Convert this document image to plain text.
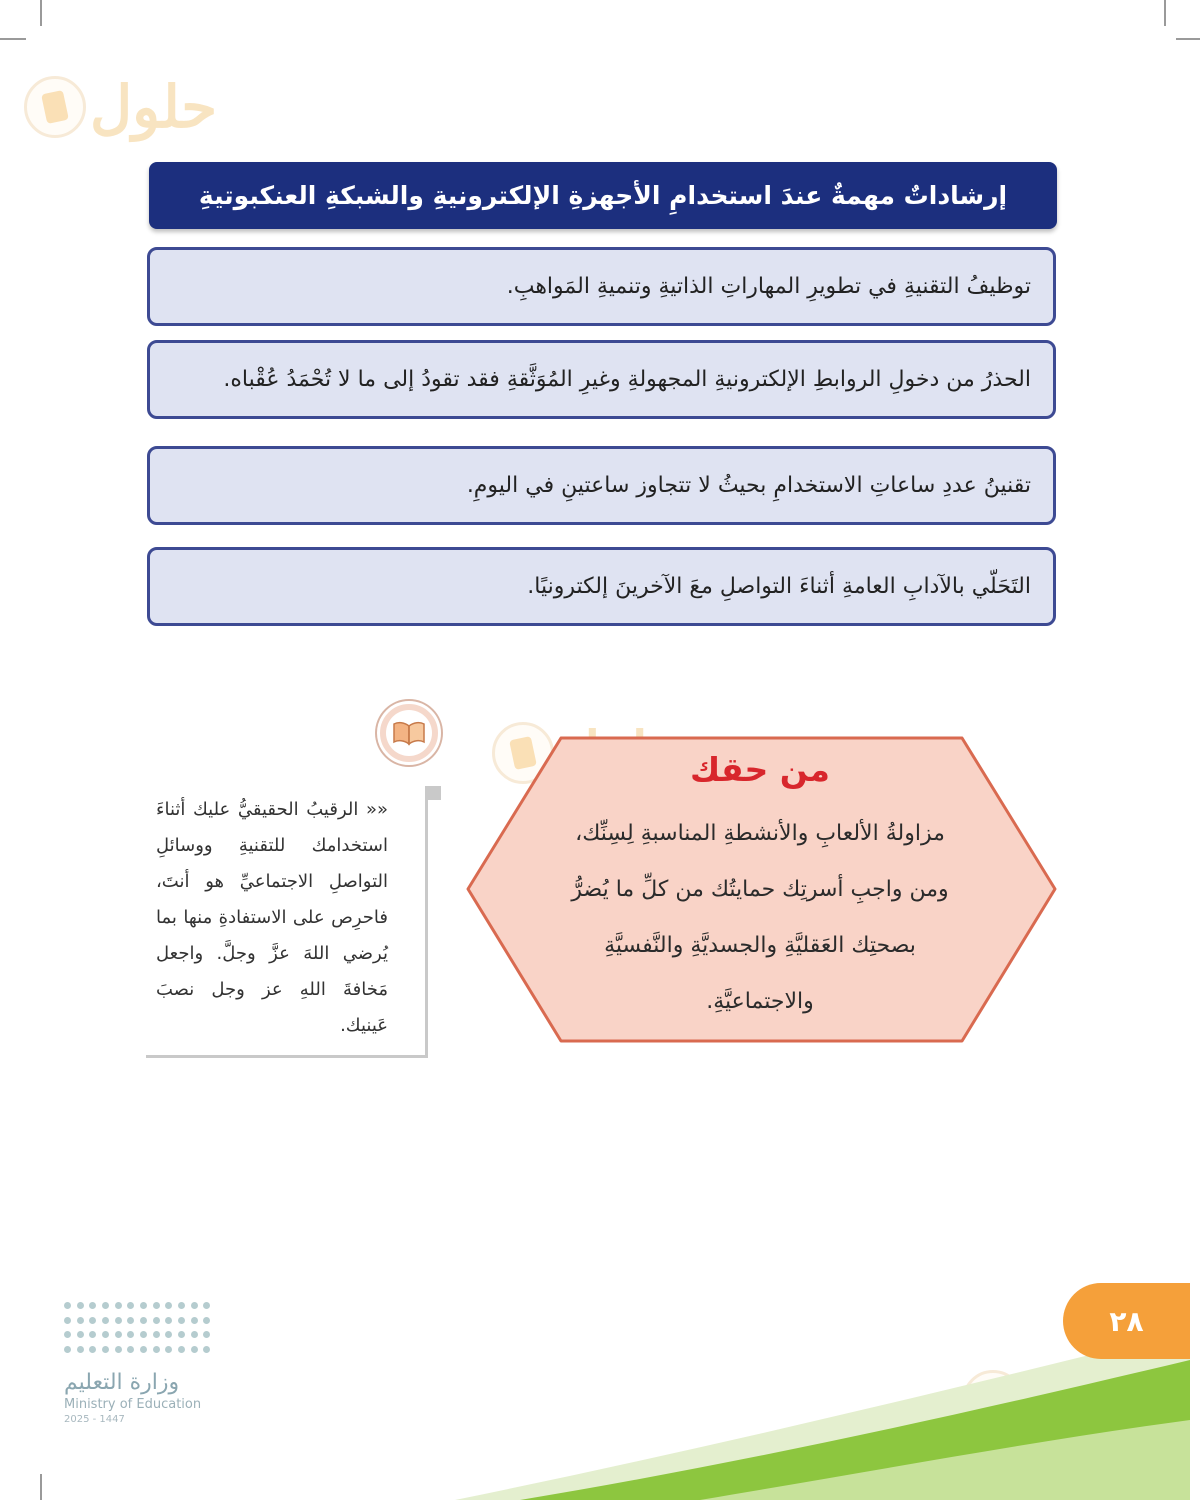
حلول
إرشاداتٌ مهمةٌ عندَ استخدامِ الأجهزةِ الإلكترونيةِ والشبكةِ العنكبوتيةِ
توظيفُ التقنيةِ في تطويرِ المهاراتِ الذاتيةِ وتنميةِ المَواهبِ.
الحذرُ من دخولِ الروابطِ الإلكترونيةِ المجهولةِ وغيرِ المُوَثَّقةِ فقد تقودُ إلى ما لا تُحْمَدُ عُقْباه.
تقنينُ عددِ ساعاتِ الاستخدامِ بحيثُ لا تتجاوز ساعتينِ في اليومِ.
التَحَلّي بالآدابِ العامةِ أثناءَ التواصلِ معَ الآخرينَ إلكترونيًا.

«« الرقيبُ الحقيقيُّ عليك أثناءَ استخدامك للتقنيةِ ووسائلِ التواصلِ الاجتماعيِّ هو أنتَ، فاحرِص على الاستفادةِ منها بما يُرضي اللهَ عزَّ وجلَّ. واجعل مَخافةَ اللهِ عز وجل نصبَ عَينيك.

من حقك

مزاولةُ الألعابِ والأنشطةِ المناسبةِ لِسِنِّك، ومن واجبِ أسرتِك حمايتُك من كلِّ ما يُضرُّ بصحتِك العَقليَّةِ والجسديَّةِ والنَّفسيَّةِ والاجتماعيَّةِ.

وزارة التعليم
Ministry of Education
2025 - 1447
٢٨
